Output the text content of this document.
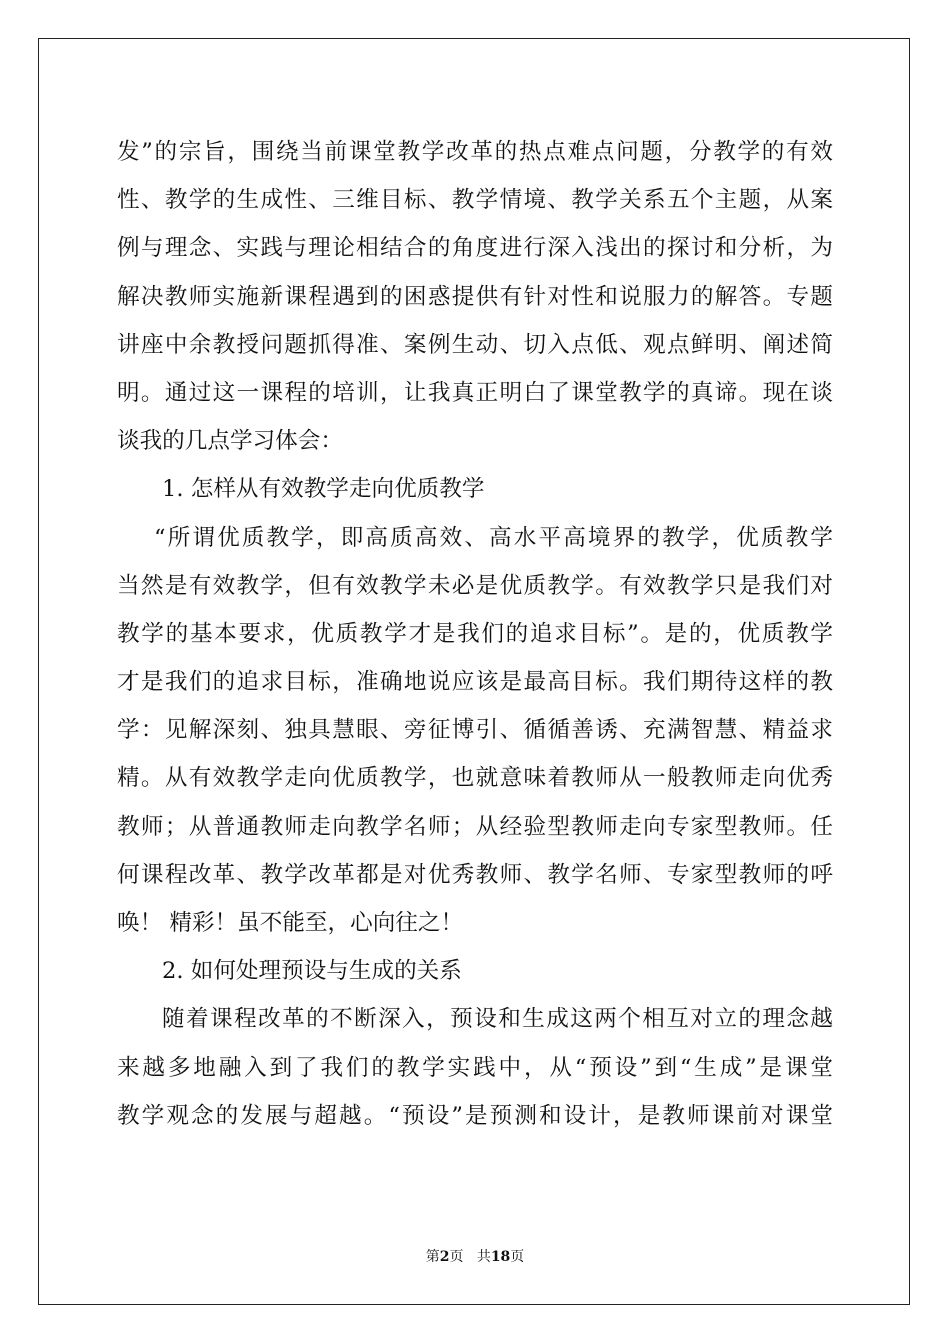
发”的宗旨，围绕当前课堂教学改革的热点难点问题，分教学的有效
性、教学的生成性、三维目标、教学情境、教学关系五个主题，从案
例与理念、实践与理论相结合的角度进行深入浅出的探讨和分析，为
解决教师实施新课程遇到的困惑提供有针对性和说服力的解答。专题
讲座中余教授问题抓得准、案例生动、切入点低、观点鲜明、阐述简
明。通过这一课程的培训，让我真正明白了课堂教学的真谛。现在谈
谈我的几点学习体会：
1. 怎样从有效教学走向优质教学
“所谓优质教学，即高质高效、高水平高境界的教学，优质教学
当然是有效教学，但有效教学未必是优质教学。有效教学只是我们对
教学的基本要求，优质教学才是我们的追求目标”。是的，优质教学
才是我们的追求目标，准确地说应该是最高目标。我们期待这样的教
学：见解深刻、独具慧眼、旁征博引、循循善诱、充满智慧、精益求
精。从有效教学走向优质教学，也就意味着教师从一般教师走向优秀
教师；从普通教师走向教学名师；从经验型教师走向专家型教师。任
何课程改革、教学改革都是对优秀教师、教学名师、专家型教师的呼
唤！ 精彩！虽不能至，心向往之！
2. 如何处理预设与生成的关系
随着课程改革的不断深入，预设和生成这两个相互对立的理念越
来越多地融入到了我们的教学实践中，从“预设”到“生成”是课堂
教学观念的发展与超越。“预设”是预测和设计，是教师课前对课堂
第2页 共18页
